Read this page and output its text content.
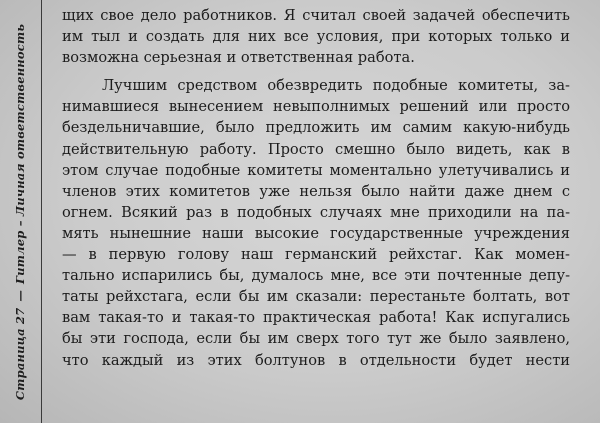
Страница 27
—
Гитлер – Личная ответственность

щих свое дело работников. Я считал своей задачей обеспечить
им тыл и создать для них все условия, при которых только и
возможна серьезная и ответственная работа.

Лучшим средством обезвредить подобные комитеты, за-
нимавшиеся вынесением невыполнимых решений или просто
бездельничавшие, было предложить им самим какую-нибудь
действительную работу. Просто смешно было видеть, как в
этом случае подобные комитеты моментально улетучивались и
членов этих комитетов уже нельзя было найти даже днем с
огнем. Всякий раз в подобных случаях мне приходили на па-
мять нынешние наши высокие государственные учреждения
— в первую голову наш германский рейхстаг. Как момен-
тально испарились бы, думалось мне, все эти почтенные депу-
таты рейхстага, если бы им сказали: перестаньте болтать, вот
вам такая-то и такая-то практическая работа! Как испугались
бы эти господа, если бы им сверх того тут же было заявлено,
что каждый из этих болтунов в отдельности будет нести
